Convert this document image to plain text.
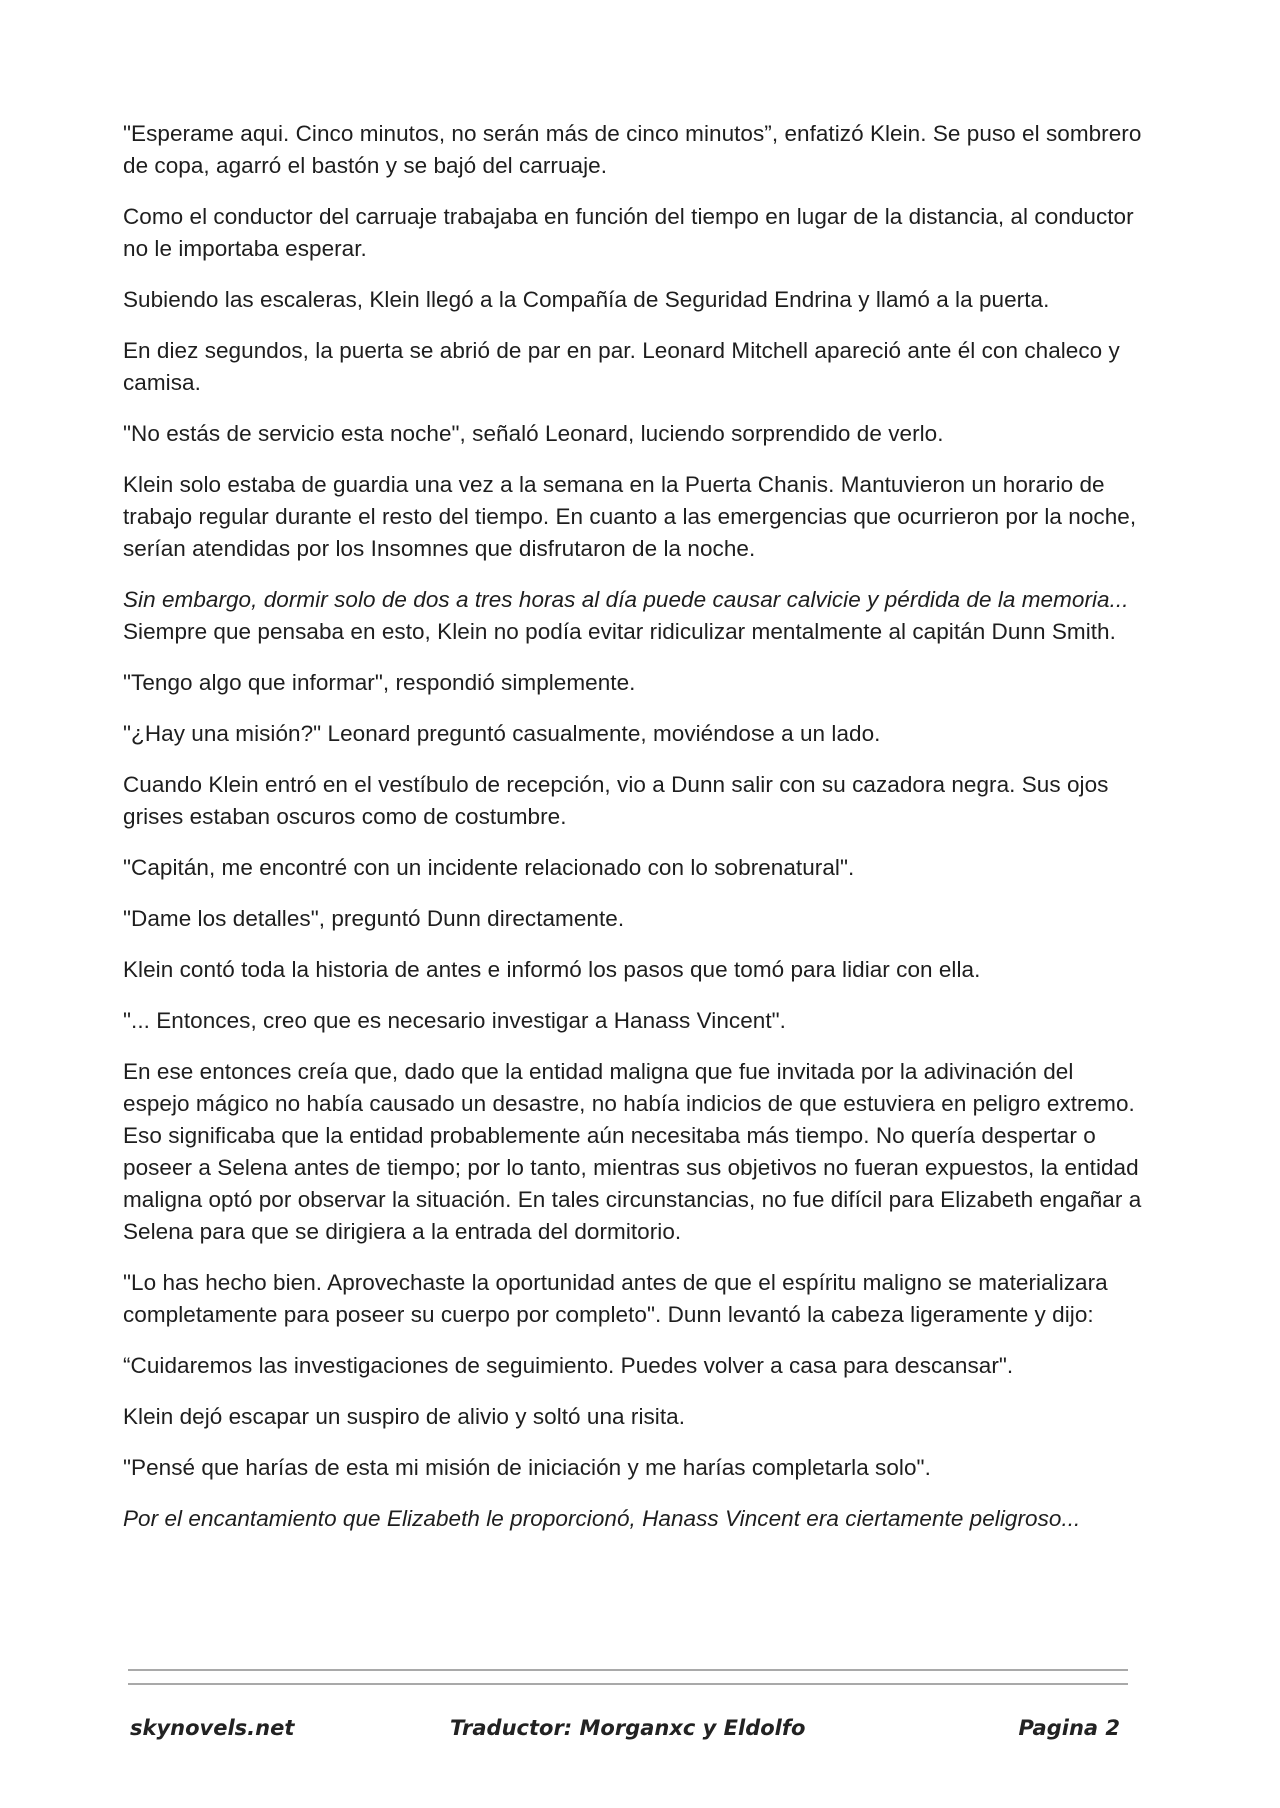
"Esperame aqui. Cinco minutos, no serán más de cinco minutos”, enfatizó Klein. Se puso el sombrero de copa, agarró el bastón y se bajó del carruaje.

Como el conductor del carruaje trabajaba en función del tiempo en lugar de la distancia, al conductor no le importaba esperar.

Subiendo las escaleras, Klein llegó a la Compañía de Seguridad Endrina y llamó a la puerta.

En diez segundos, la puerta se abrió de par en par. Leonard Mitchell apareció ante él con chaleco y camisa.

"No estás de servicio esta noche", señaló Leonard, luciendo sorprendido de verlo.

Klein solo estaba de guardia una vez a la semana en la Puerta Chanis. Mantuvieron un horario de trabajo regular durante el resto del tiempo. En cuanto a las emergencias que ocurrieron por la noche, serían atendidas por los Insomnes que disfrutaron de la noche.

Sin embargo, dormir solo de dos a tres horas al día puede causar calvicie y pérdida de la memoria... Siempre que pensaba en esto, Klein no podía evitar ridiculizar mentalmente al capitán Dunn Smith.

"Tengo algo que informar", respondió simplemente.

"¿Hay una misión?" Leonard preguntó casualmente, moviéndose a un lado.

Cuando Klein entró en el vestíbulo de recepción, vio a Dunn salir con su cazadora negra. Sus ojos grises estaban oscuros como de costumbre.

"Capitán, me encontré con un incidente relacionado con lo sobrenatural".

"Dame los detalles", preguntó Dunn directamente.

Klein contó toda la historia de antes e informó los pasos que tomó para lidiar con ella.

"... Entonces, creo que es necesario investigar a Hanass Vincent".

En ese entonces creía que, dado que la entidad maligna que fue invitada por la adivinación del espejo mágico no había causado un desastre, no había indicios de que estuviera en peligro extremo. Eso significaba que la entidad probablemente aún necesitaba más tiempo. No quería despertar o poseer a Selena antes de tiempo; por lo tanto, mientras sus objetivos no fueran expuestos, la entidad maligna optó por observar la situación. En tales circunstancias, no fue difícil para Elizabeth engañar a Selena para que se dirigiera a la entrada del dormitorio.

"Lo has hecho bien. Aprovechaste la oportunidad antes de que el espíritu maligno se materializara completamente para poseer su cuerpo por completo". Dunn levantó la cabeza ligeramente y dijo:

“Cuidaremos las investigaciones de seguimiento. Puedes volver a casa para descansar".

Klein dejó escapar un suspiro de alivio y soltó una risita.

"Pensé que harías de esta mi misión de iniciación y me harías completarla solo".

Por el encantamiento que Elizabeth le proporcionó, Hanass Vincent era ciertamente peligroso...

skynovels.net	Traductor: Morganxc y Eldolfo	Pagina 2
